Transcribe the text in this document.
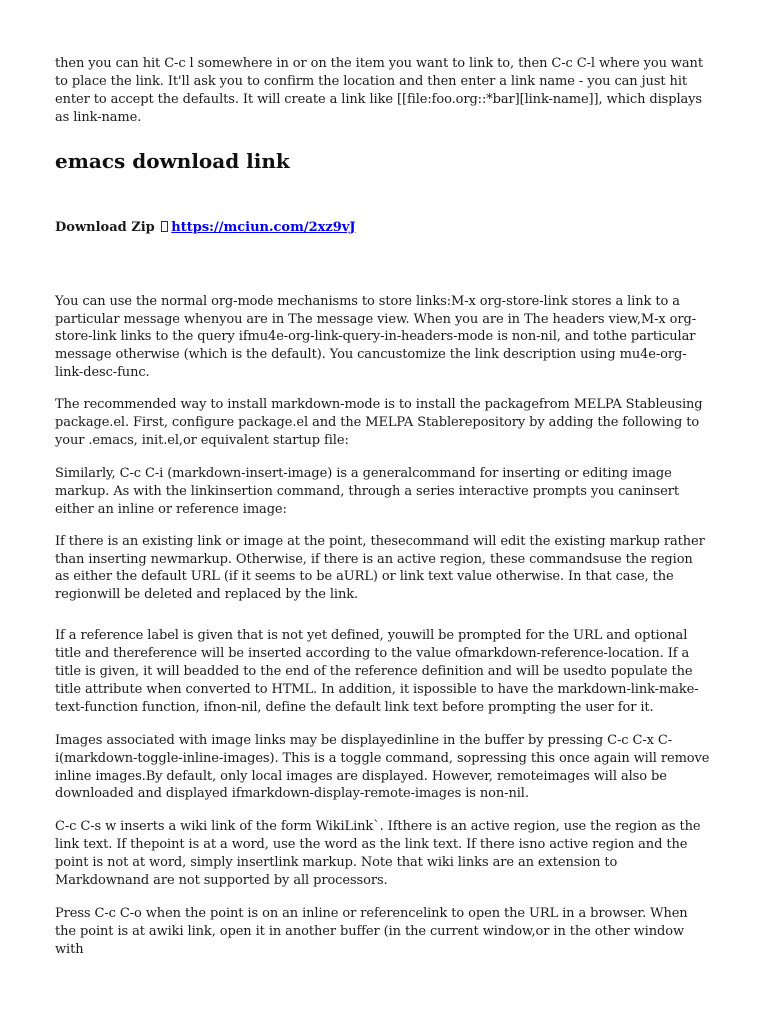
then you can hit C-c l somewhere in or on the item you want to link to, then C-c C-l where you want to place the link. It'll ask you to confirm the location and then enter a link name - you can just hit enter to accept the defaults. It will create a link like [[file:foo.org::*bar][link-name]], which displays as link-name.

emacs download link
Download Zip https://mciun.com/2xz9vJ

You can use the normal org-mode mechanisms to store links:M-x org-store-link stores a link to a particular message whenyou are in The message view. When you are in The headers view,M-x org-store-link links to the query ifmu4e-org-link-query-in-headers-mode is non-nil, and tothe particular message otherwise (which is the default). You cancustomize the link description using mu4e-org-link-desc-func.

The recommended way to install markdown-mode is to install the packagefrom MELPA Stableusing package.el. First, configure package.el and the MELPA Stablerepository by adding the following to your .emacs, init.el,or equivalent startup file:

Similarly, C-c C-i (markdown-insert-image) is a generalcommand for inserting or editing image markup. As with the linkinsertion command, through a series interactive prompts you caninsert either an inline or reference image:

If there is an existing link or image at the point, thesecommand will edit the existing markup rather than inserting newmarkup. Otherwise, if there is an active region, these commandsuse the region as either the default URL (if it seems to be aURL) or link text value otherwise. In that case, the regionwill be deleted and replaced by the link.

If a reference label is given that is not yet defined, youwill be prompted for the URL and optional title and thereference will be inserted according to the value ofmarkdown-reference-location. If a title is given, it will beadded to the end of the reference definition and will be usedto populate the title attribute when converted to HTML. In addition, it ispossible to have the markdown-link-make-text-function function, ifnon-nil, define the default link text before prompting the user for it.

Images associated with image links may be displayedinline in the buffer by pressing C-c C-x C-i(markdown-toggle-inline-images). This is a toggle command, sopressing this once again will remove inline images.By default, only local images are displayed. However, remoteimages will also be downloaded and displayed ifmarkdown-display-remote-images is non-nil.

C-c C-s w inserts a wiki link of the form WikiLink`. Ifthere is an active region, use the region as the link text. If thepoint is at a word, use the word as the link text. If there isno active region and the point is not at word, simply insertlink markup. Note that wiki links are an extension to Markdownand are not supported by all processors.

Press C-c C-o when the point is on an inline or referencelink to open the URL in a browser. When the point is at awiki link, open it in another buffer (in the current window,or in the other window with
